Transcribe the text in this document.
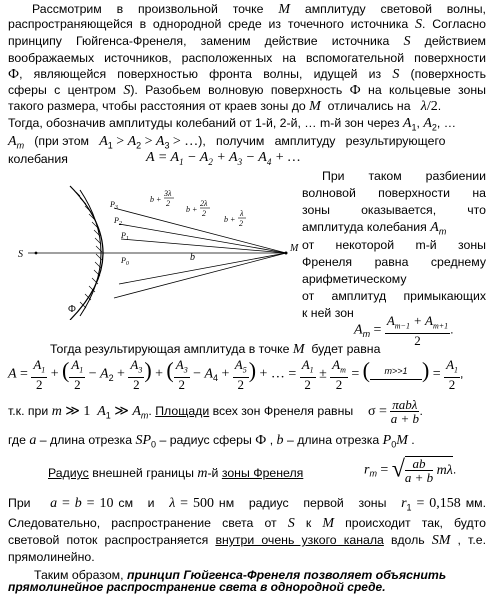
Рассмотрим в произвольной точке M амплитуду световой волны,
распространяющейся в однородной среде из точечного источника S. Согласно
принципу Гюйгенса-Френеля, заменим действие источника S действием
воображаемых источников, расположенных на вспомогательной поверхности
Ф, являющейся поверхностью фронта волны, идущей из S (поверхность
сферы с центром S). Разобьем волновую поверхность Ф на кольцевые зоны
такого размера, чтобы расстояния от краев зоны до M  отличались на   λ/2.
Тогда, обозначив амплитуды колебаний от 1-й, 2-й, … m-й зон через $A_1$, $A_2$, …
$A_m$   (при этом   $A_1 > A_2 > A_3$ > …),   получим   амплитуду   результирующего
колебания	$A = A_1 - A_2 + A_3 - A_4$ + …
S
M
Ф
b
$P_3$
$P_2$
$P_1$
$P_0$
b +
3λ
2
b +
2λ
2
b +
λ
2
При таком разбиении
волновой поверхности на
зоны оказывается, что
амплитуда колебания $A_m$
от некоторой m-й зоны
Френеля равна среднему
арифметическому
от амплитуд примыкающих
к ней зон
$A_m = \frac{A_{m-1} + A_{m+1}}{2}$ .
Тогда результирующая амплитуда в точке M  будет равна
$A = \frac{A_1}{2}$ + ( $\frac{A_1}{2} - A_2 + \frac{A_3}{2}$ ) + ( $\frac{A_3}{2} - A_4 + \frac{A_5}{2}$ ) + … = $\frac{A_1}{2} \pm \frac{A_m}{2}$ = ( m>>1 ) = $\frac{A_1}{2}$ ,
т.к. при m ≫ 1 $A_1$ ≫ $A_m$. Площади всех зон Френеля равны $\sigma = \frac{\text{πabλ}}{a + b}$ .
где a – длина отрезка $SP_0$ – радиус сферы Ф , b – длина отрезка $P_0M$ .
Радиус внешней границы m-й зоны Френеля	$r_m$ = √ $\frac{ab}{a + b} m\lambda$.
При    a = b = 10 см   и   λ = 500 нм   радиус   первой   зоны   $r_1 = 0,158$ мм.
Следовательно, распространение света от S к M происходит так, будто
световой поток распространяется внутри очень узкого канала вдоль SM , т.е.
прямолинейно.
Таким образом, принцип Гюйгенса-Френеля позволяет объяснить
прямолинейное распространение света в однородной среде.
